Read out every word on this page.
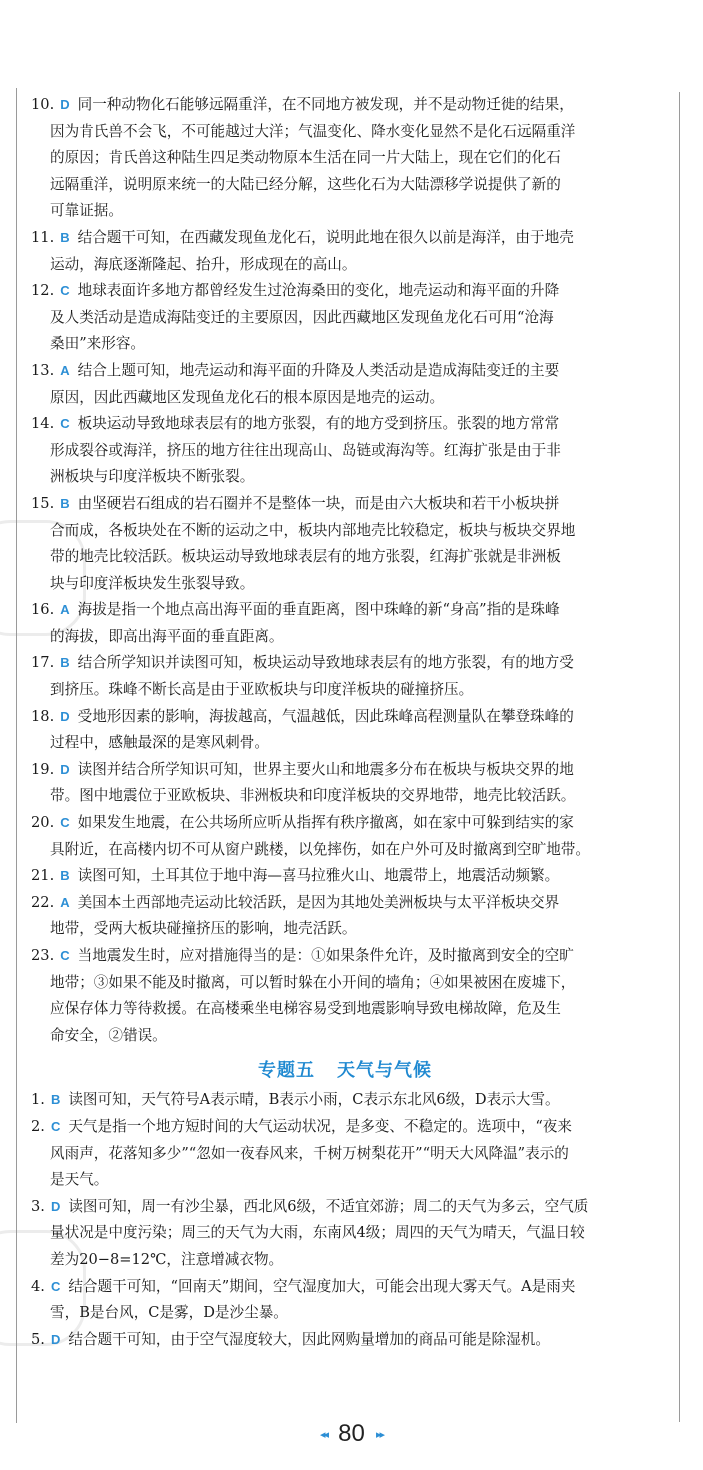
10. D 同一种动物化石能够远隔重洋，在不同地方被发现，并不是动物迁徙的结果，
因为肯氏兽不会飞，不可能越过大洋；气温变化、降水变化显然不是化石远隔重洋
的原因；肯氏兽这种陆生四足类动物原本生活在同一片大陆上，现在它们的化石
远隔重洋，说明原来统一的大陆已经分解，这些化石为大陆漂移学说提供了新的
可靠证据。
11. B 结合题干可知，在西藏发现鱼龙化石，说明此地在很久以前是海洋，由于地壳
运动，海底逐渐隆起、抬升，形成现在的高山。
12. C 地球表面许多地方都曾经发生过沧海桑田的变化，地壳运动和海平面的升降
及人类活动是造成海陆变迁的主要原因，因此西藏地区发现鱼龙化石可用“沧海
桑田”来形容。
13. A 结合上题可知，地壳运动和海平面的升降及人类活动是造成海陆变迁的主要
原因，因此西藏地区发现鱼龙化石的根本原因是地壳的运动。
14. C 板块运动导致地球表层有的地方张裂，有的地方受到挤压。张裂的地方常常
形成裂谷或海洋，挤压的地方往往出现高山、岛链或海沟等。红海扩张是由于非
洲板块与印度洋板块不断张裂。
15. B 由坚硬岩石组成的岩石圈并不是整体一块，而是由六大板块和若干小板块拼
合而成，各板块处在不断的运动之中，板块内部地壳比较稳定，板块与板块交界地
带的地壳比较活跃。板块运动导致地球表层有的地方张裂，红海扩张就是非洲板
块与印度洋板块发生张裂导致。
16. A 海拔是指一个地点高出海平面的垂直距离，图中珠峰的新“身高”指的是珠峰
的海拔，即高出海平面的垂直距离。
17. B 结合所学知识并读图可知，板块运动导致地球表层有的地方张裂，有的地方受
到挤压。珠峰不断长高是由于亚欧板块与印度洋板块的碰撞挤压。
18. D 受地形因素的影响，海拔越高，气温越低，因此珠峰高程测量队在攀登珠峰的
过程中，感触最深的是寒风刺骨。
19. D 读图并结合所学知识可知，世界主要火山和地震多分布在板块与板块交界的地
带。图中地震位于亚欧板块、非洲板块和印度洋板块的交界地带，地壳比较活跃。
20. C 如果发生地震，在公共场所应听从指挥有秩序撤离，如在家中可躲到结实的家
具附近，在高楼内切不可从窗户跳楼，以免摔伤，如在户外可及时撤离到空旷地带。
21. B 读图可知，土耳其位于地中海—喜马拉雅火山、地震带上，地震活动频繁。
22. A 美国本土西部地壳运动比较活跃，是因为其地处美洲板块与太平洋板块交界
地带，受两大板块碰撞挤压的影响，地壳活跃。
23. C 当地震发生时，应对措施得当的是：①如果条件允许，及时撤离到安全的空旷
地带；③如果不能及时撤离，可以暂时躲在小开间的墙角；④如果被困在废墟下，
应保存体力等待救援。在高楼乘坐电梯容易受到地震影响导致电梯故障，危及生
命安全，②错误。
专题五 天气与气候
1. B 读图可知，天气符号A表示晴，B表示小雨，C表示东北风6级，D表示大雪。
2. C 天气是指一个地方短时间的大气运动状况，是多变、不稳定的。选项中，“夜来
风雨声，花落知多少”“忽如一夜春风来，千树万树梨花开”“明天大风降温”表示的
是天气。
3. D 读图可知，周一有沙尘暴，西北风6级，不适宜郊游；周二的天气为多云，空气质
量状况是中度污染；周三的天气为大雨，东南风4级；周四的天气为晴天，气温日较
差为20−8=12℃，注意增减衣物。
4. C 结合题干可知，“回南天”期间，空气湿度加大，可能会出现大雾天气。A是雨夹
雪，B是台风，C是雾，D是沙尘暴。
5. D 结合题干可知，由于空气湿度较大，因此网购量增加的商品可能是除湿机。
◂◂ 80 ▸▸
